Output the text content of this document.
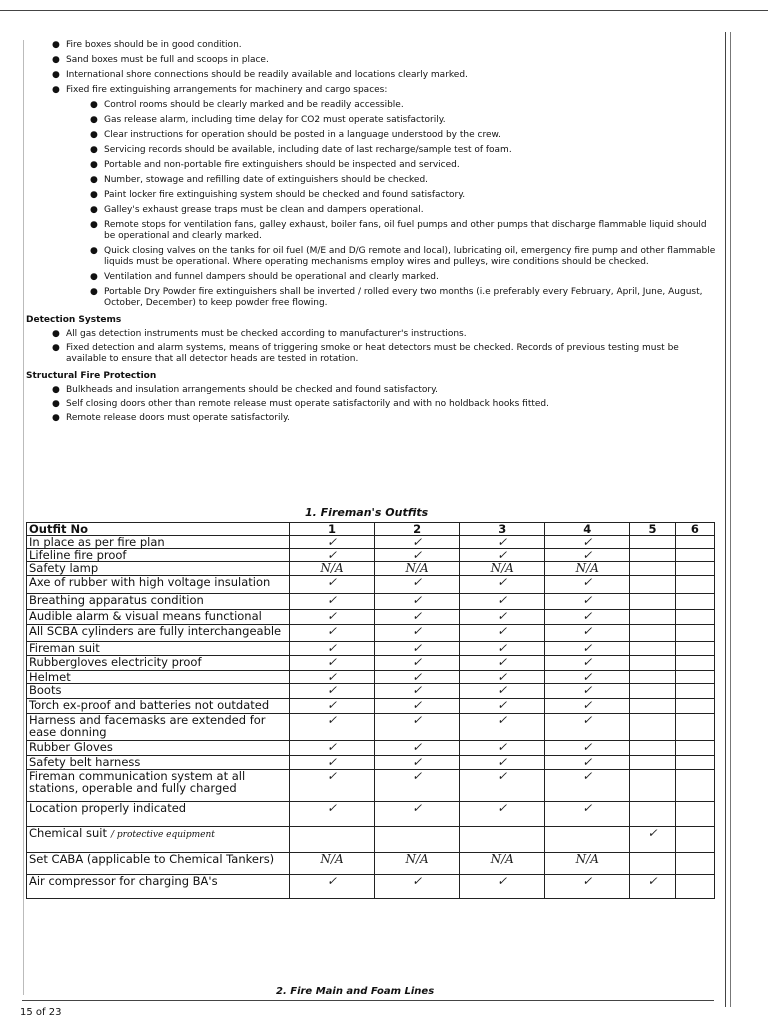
● Fire boxes should be in good condition.
● Sand boxes must be full and scoops in place.
● International shore connections should be readily available and locations clearly marked.
● Fixed fire extinguishing arrangements for machinery and cargo spaces:
● Control rooms should be clearly marked and be readily accessible.
● Gas release alarm, including time delay for CO2 must operate satisfactorily.
● Clear instructions for operation should be posted in a language understood by the crew.
● Servicing records should be available, including date of last recharge/sample test of foam.
● Portable and non-portable fire extinguishers should be inspected and serviced.
● Number, stowage and refilling date of extinguishers should be checked.
● Paint locker fire extinguishing system should be checked and found satisfactory.
● Galley's exhaust grease traps must be clean and dampers operational.
● Remote stops for ventilation fans, galley exhaust, boiler fans, oil fuel pumps and other pumps that discharge flammable liquid should be operational and clearly marked.
● Quick closing valves on the tanks for oil fuel (M/E and D/G remote and local), lubricating oil, emergency fire pump and other flammable liquids must be operational. Where operating mechanisms employ wires and pulleys, wire conditions should be checked.
● Ventilation and funnel dampers should be operational and clearly marked.
● Portable Dry Powder fire extinguishers shall be inverted / rolled every two months (i.e preferably every February, April, June, August, October, December) to keep powder free flowing.
Detection Systems
● All gas detection instruments must be checked according to manufacturer's instructions.
● Fixed detection and alarm systems, means of triggering smoke or heat detectors must be checked. Records of previous testing must be available to ensure that all detector heads are tested in rotation.
Structural Fire Protection
● Bulkheads and insulation arrangements should be checked and found satisfactory.
● Self closing doors other than remote release must operate satisfactorily and with no holdback hooks fitted.
● Remote release doors must operate satisfactorily.
1. Fireman's Outfits
Outfit No	1	2	3	4	5	6
In place as per fire plan	✓	✓	✓	✓		
Lifeline fire proof	✓	✓	✓	✓		
Safety lamp	N/A	N/A	N/A	N/A		
Axe of rubber with high voltage insulation	✓	✓	✓	✓		
Breathing apparatus condition	✓	✓	✓	✓		
Audible alarm & visual means functional	✓	✓	✓	✓		
All SCBA cylinders are fully interchangeable	✓	✓	✓	✓		
Fireman suit	✓	✓	✓	✓		
Rubbergloves electricity proof	✓	✓	✓	✓		
Helmet	✓	✓	✓	✓		
Boots	✓	✓	✓	✓		
Torch ex-proof and batteries not outdated	✓	✓	✓	✓		
Harness and facemasks are extended for ease donning	✓	✓	✓	✓		
Rubber Gloves	✓	✓	✓	✓		
Safety belt harness	✓	✓	✓	✓		
Fireman communication system at all stations, operable and fully charged	✓	✓	✓	✓		
Location properly indicated	✓	✓	✓	✓		
Chemical suit / protective equipment					✓	
Set CABA (applicable to Chemical Tankers)	N/A	N/A	N/A	N/A		
Air compressor for charging BA's	✓	✓	✓	✓	✓	
2. Fire Main and Foam Lines
15 of 23
